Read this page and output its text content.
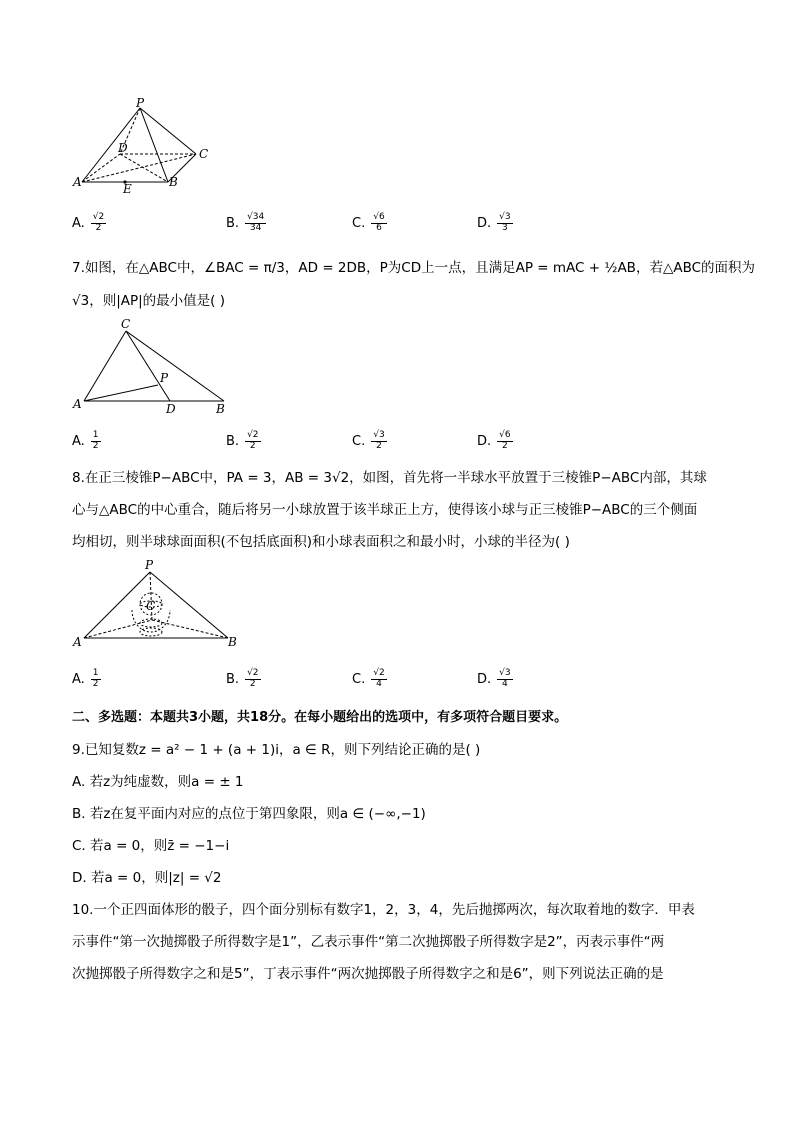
P
D	C
A	E	B
A. $\frac{√2}{2}$	B. $\frac{√34}{34}$	C. $\frac{√6}{6}$	D. $\frac{√3}{3}$
7.如图，在△ABC中，∠BAC = π/3，AD = 2DB，P为CD上一点，且满足AP = mAC + ½AB，若△ABC的面积为
√3，则|AP|的最小值是( )
C
P
A	D	B
A. $\frac{1}{2}$	B. $\frac{√2}{2}$	C. $\frac{√3}{2}$	D. $\frac{√6}{2}$
8.在正三棱锥P−ABC中，PA = 3，AB = 3√2，如图，首先将一半球水平放置于三棱锥P−ABC内部，其球
心与△ABC的中心重合，随后将另一小球放置于该半球正上方，使得该小球与正三棱锥P−ABC的三个侧面
均相切，则半球球面面积(不包括底面积)和小球表面积之和最小时，小球的半径为( )
P
C
A	B
A. $\frac{1}{2}$	B. $\frac{√2}{2}$	C. $\frac{√2}{4}$	D. $\frac{√3}{4}$
二、多选题：本题共3小题，共18分。在每小题给出的选项中，有多项符合题目要求。
9.已知复数z = a² − 1 + (a + 1)i，a ∈ R，则下列结论正确的是( )
A. 若z为纯虚数，则a = ± 1
B. 若z在复平面内对应的点位于第四象限，则a ∈ (−∞,−1)
C. 若a = 0，则z̄ = −1−i
D. 若a = 0，则|z| = √2
10.一个正四面体形的骰子，四个面分别标有数字1，2，3，4，先后抛掷两次，每次取着地的数字．甲表
示事件“第一次抛掷骰子所得数字是1”，乙表示事件“第二次抛掷骰子所得数字是2”，丙表示事件“两
次抛掷骰子所得数字之和是5”，丁表示事件“两次抛掷骰子所得数字之和是6”，则下列说法正确的是
